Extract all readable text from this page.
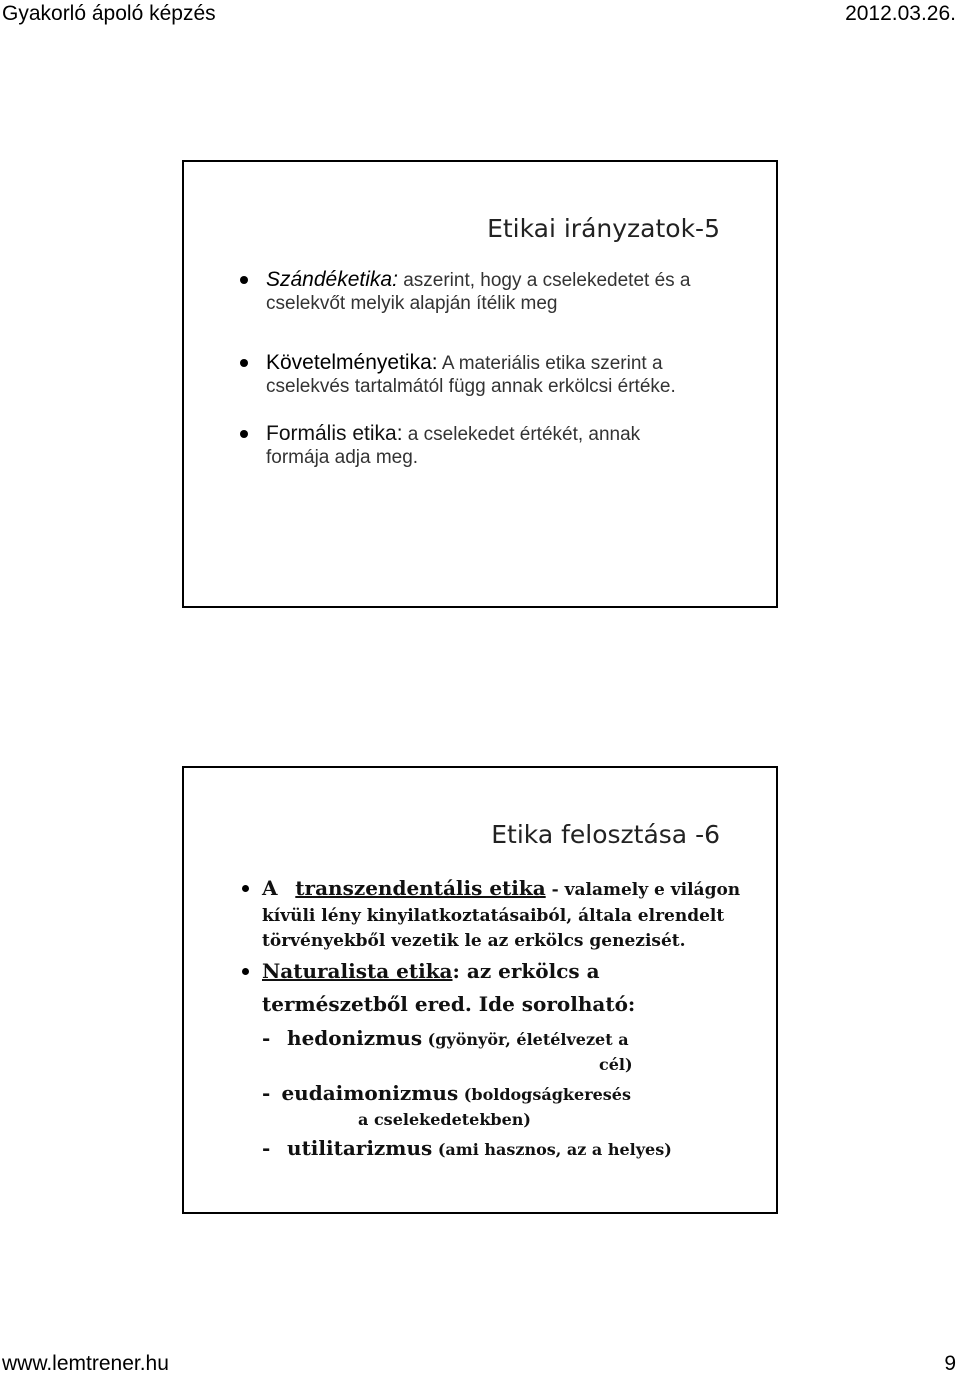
Gyakorló ápoló képzés	2012.03.26.
Etikai irányzatok-5
Szándéketika: aszerint, hogy a cselekedetet és a cselekvőt melyik alapján ítélik meg
Követelményetika: A materiális etika szerint a cselekvés tartalmától függ annak erkölcsi értéke.
Formális etika: a cselekedet értékét, annak formája adja meg.
Etika felosztása -6

A transzendentális etika - valamely e világon kívüli lény kinyilatkoztatásaiból, általa elrendelt törvényekből vezetik le az erkölcs genezisét.

Naturalista etika: az erkölcs a

természetből ered. Ide sorolható:

- hedonizmus (gyönyör, életélvezet a

cél)

- eudaimonizmus (boldogságkeresés

a cselekedetekben)

- utilitarizmus (ami hasznos, az a helyes)

www.lemtrener.hu	9
